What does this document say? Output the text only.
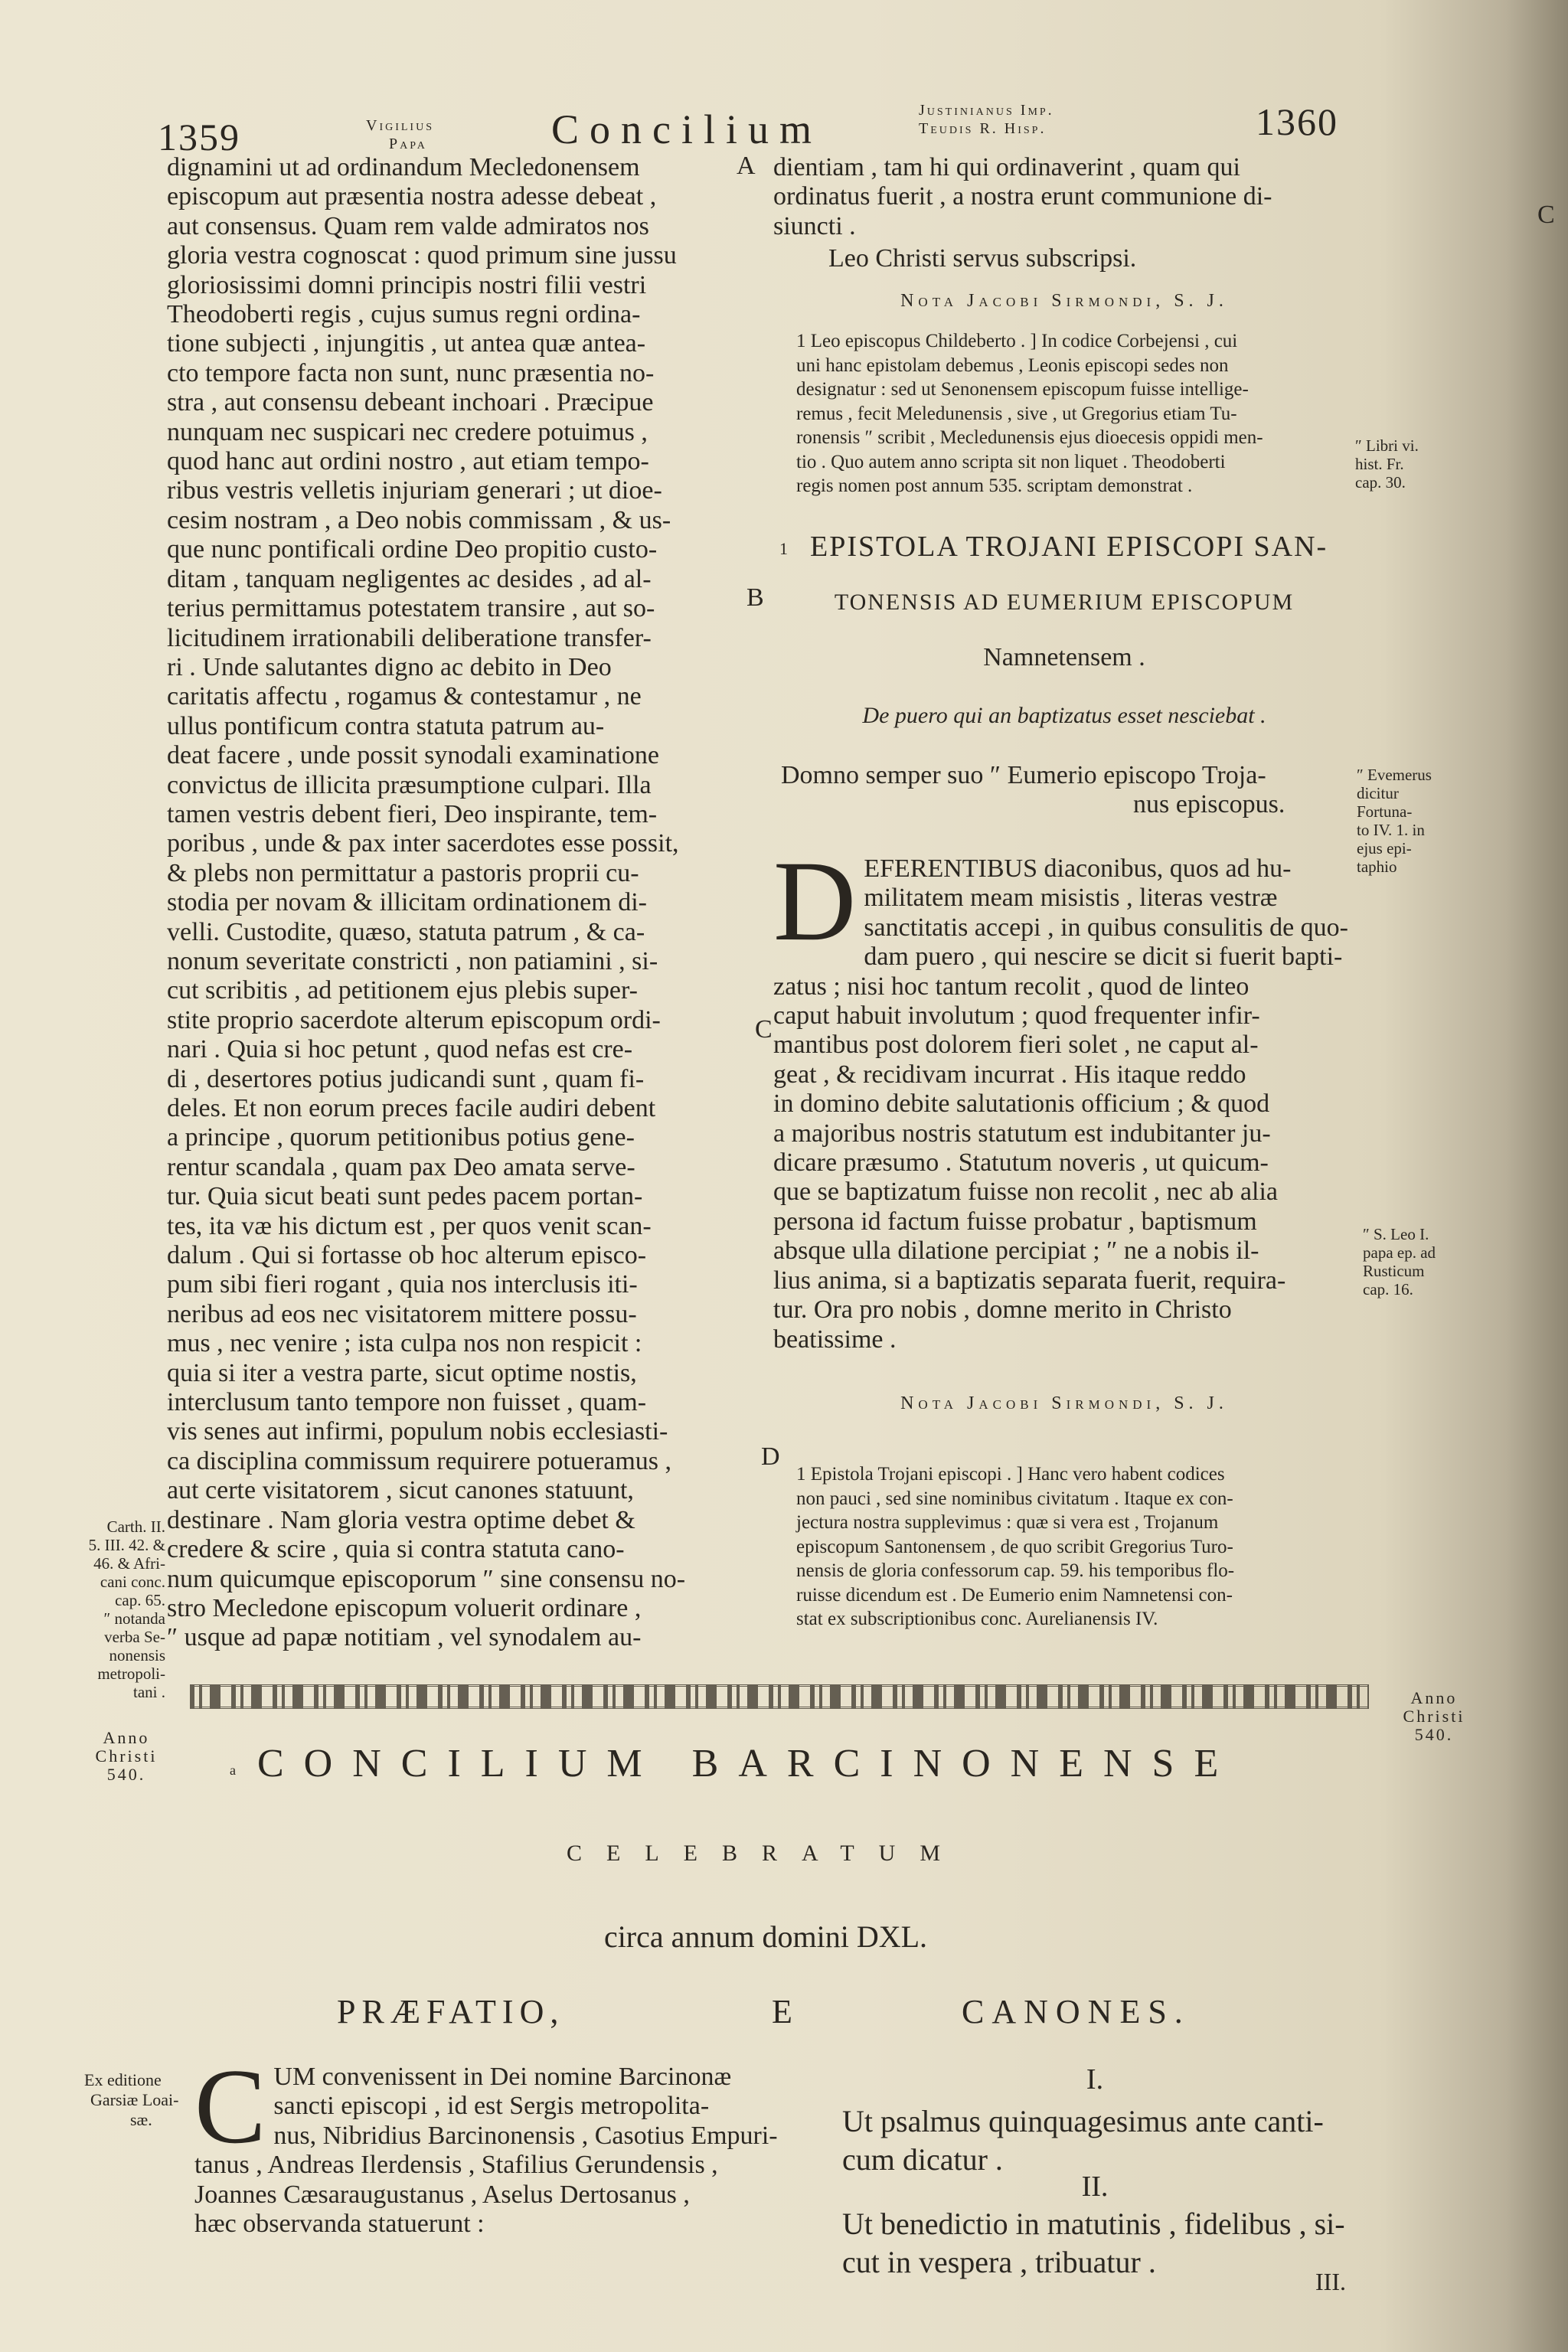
1359	Vigilius
Papa	Concilium	Justinianus Imp.
Teudis R. Hisp.	1360
A
B
C
D
dignamini ut ad ordinandum Mecledonensem
episcopum aut præsentia nostra adesse debeat ,
aut consensus. Quam rem valde admiratos nos
gloria vestra cognoscat : quod primum sine jussu
gloriosissimi domni principis nostri filii vestri
Theodoberti regis , cujus sumus regni ordina-
tione subjecti , injungitis , ut antea quæ antea-
cto tempore facta non sunt, nunc præsentia no-
stra , aut consensu debeant inchoari . Præcipue
nunquam nec suspicari nec credere potuimus ,
quod hanc aut ordini nostro , aut etiam tempo-
ribus vestris velletis injuriam generari ; ut dioe-
cesim nostram , a Deo nobis commissam , & us-
que nunc pontificali ordine Deo propitio custo-
ditam , tanquam negligentes ac desides , ad al-
terius permittamus potestatem transire , aut so-
licitudinem irrationabili deliberatione transfer-
ri . Unde salutantes digno ac debito in Deo
caritatis affectu , rogamus & contestamur , ne
ullus pontificum contra statuta patrum au-
deat facere , unde possit synodali examinatione
convictus de illicita præsumptione culpari. Illa
tamen vestris debent fieri, Deo inspirante, tem-
poribus , unde & pax inter sacerdotes esse possit,
& plebs non permittatur a pastoris proprii cu-
stodia per novam & illicitam ordinationem di-
velli. Custodite, quæso, statuta patrum , & ca-
nonum severitate constricti , non patiamini , si-
cut scribitis , ad petitionem ejus plebis super-
stite proprio sacerdote alterum episcopum ordi-
nari . Quia si hoc petunt , quod nefas est cre-
di , desertores potius judicandi sunt , quam fi-
deles. Et non eorum preces facile audiri debent
a principe , quorum petitionibus potius gene-
rentur scandala , quam pax Deo amata serve-
tur. Quia sicut beati sunt pedes pacem portan-
tes, ita væ his dictum est , per quos venit scan-
dalum . Qui si fortasse ob hoc alterum episco-
pum sibi fieri rogant , quia nos interclusis iti-
neribus ad eos nec visitatorem mittere possu-
mus , nec venire ; ista culpa nos non respicit :
quia si iter a vestra parte, sicut optime nostis,
interclusum tanto tempore non fuisset , quam-
vis senes aut infirmi, populum nobis ecclesiasti-
ca disciplina commissum requirere potueramus ,
aut certe visitatorem , sicut canones statuunt,
destinare . Nam gloria vestra optime debet &
credere & scire , quia si contra statuta cano-
num quicumque episcoporum ″ sine consensu no-
stro Mecledone episcopum voluerit ordinare ,
″ usque ad papæ notitiam , vel synodalem au-
dientiam , tam hi qui ordinaverint , quam qui
ordinatus fuerit , a nostra erunt communione di-
siuncti .
Leo Christi servus subscripsi.
Nota Jacobi Sirmondi, S. J.
1 Leo episcopus Childeberto . ] In codice Corbejensi , cui
uni hanc epistolam debemus , Leonis episcopi sedes non
designatur : sed ut Senonensem episcopum fuisse intellige-
remus , fecit Meledunensis , sive , ut Gregorius etiam Tu-
ronensis ″ scribit , Mecledunensis ejus dioecesis oppidi men-
tio . Quo autem anno scripta sit non liquet . Theodoberti
regis nomen post annum 535. scriptam demonstrat .
1 EPISTOLA TROJANI EPISCOPI SAN-
TONENSIS AD EUMERIUM EPISCOPUM
Namnetensem .
De puero qui an baptizatus esset nesciebat .
Domno semper suo ″ Eumerio episcopo Troja-
nus episcopus.
D EFERENTIBUS diaconibus, quos ad hu-
militatem meam misistis , literas vestræ
sanctitatis accepi , in quibus consulitis de quo-
dam puero , qui nescire se dicit si fuerit bapti-
zatus ; nisi hoc tantum recolit , quod de linteo
caput habuit involutum ; quod frequenter infir-
mantibus post dolorem fieri solet , ne caput al-
geat , & recidivam incurrat . His itaque reddo
in domino debite salutationis officium ; & quod
a majoribus nostris statutum est indubitanter ju-
dicare præsumo . Statutum noveris , ut quicum-
que se baptizatum fuisse non recolit , nec ab alia
persona id factum fuisse probatur , baptismum
absque ulla dilatione percipiat ; ″ ne a nobis il-
lius anima, si a baptizatis separata fuerit, requira-
tur. Ora pro nobis , domne merito in Christo
beatissime .
Nota Jacobi Sirmondi, S. J.
1 Epistola Trojani episcopi . ] Hanc vero habent codices
non pauci , sed sine nominibus civitatum . Itaque ex con-
jectura nostra supplevimus : quæ si vera est , Trojanum
episcopum Santonensem , de quo scribit Gregorius Turo-
nensis de gloria confessorum cap. 59. his temporibus flo-
ruisse dicendum est . De Eumerio enim Namnetensi con-
stat ex subscriptionibus conc. Aurelianensis IV.
″ Libri vi.
hist. Fr.
cap. 30.
″ Evemerus
dicitur
Fortuna-
to IV. 1. in
ejus epi-
taphio
″ S. Leo I.
papa ep. ad
Rusticum
cap. 16.
Carth. II.
5. III. 42. &
46. & Afri-
cani conc.
cap. 65.
″ notanda
verba Se-
nonensis
metropoli-
tani .
C
Anno
Christi
540.
Anno
Christi
540.
a CONCILIUM BARCINONENSE
CELEBRATUM
circa annum domini DXL.
PRÆFATIO,	E	CANONES.
Ex editione
Garsiæ Loai-
sæ. C UM convenissent in Dei nomine Barcinonæ
sancti episcopi , id est Sergis metropolita-
nus, Nibridius Barcinonensis , Casotius Empuri-
tanus , Andreas Ilerdensis , Stafilius Gerundensis ,
Joannes Cæsaraugustanus , Aselus Dertosanus ,
hæc observanda statuerunt :
I.
Ut psalmus quinquagesimus ante canti-
cum dicatur .
II.
Ut benedictio in matutinis , fidelibus , si-
cut in vespera , tribuatur .
III.
